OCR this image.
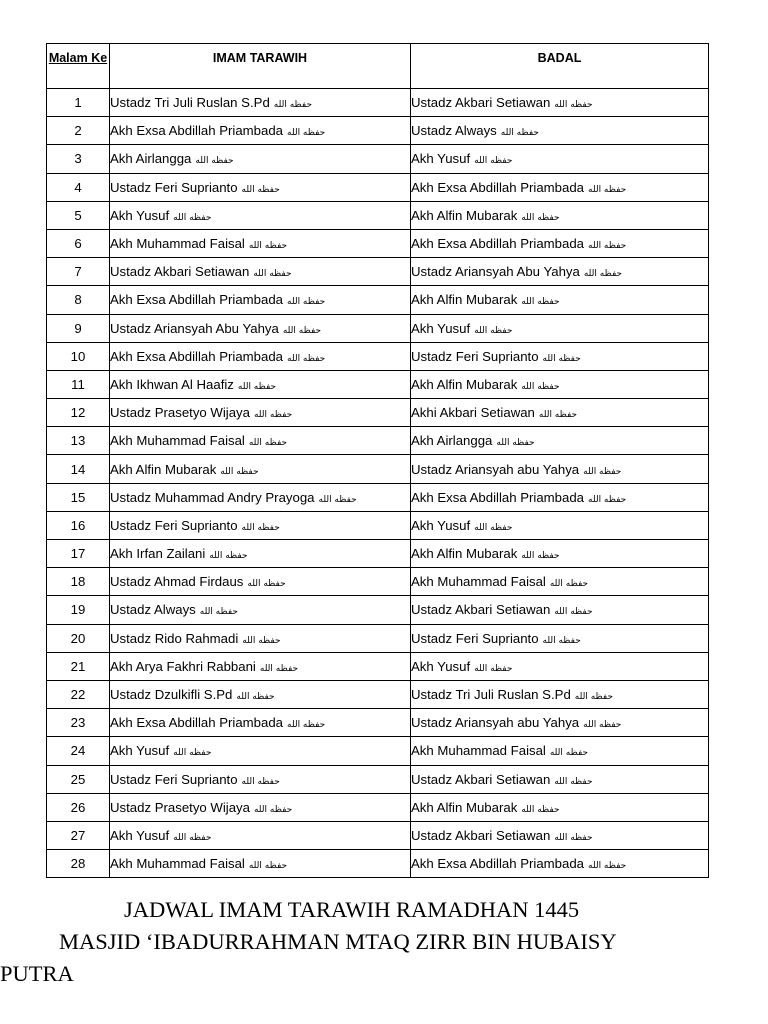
Malam Ke	IMAM TARAWIH	BADAL
1	Ustadz Tri Juli Ruslan S.Pd حفظه الله	Ustadz Akbari Setiawan حفظه الله
2	Akh Exsa Abdillah Priambada حفظه الله	Ustadz Always حفظه الله
3	Akh Airlangga حفظه الله	Akh Yusuf حفظه الله
4	Ustadz Feri Suprianto حفظه الله	Akh Exsa Abdillah Priambada حفظه الله
5	Akh Yusuf حفظه الله	Akh Alfin Mubarak حفظه الله
6	Akh Muhammad Faisal حفظه الله	Akh Exsa Abdillah Priambada حفظه الله
7	Ustadz Akbari Setiawan حفظه الله	Ustadz Ariansyah Abu Yahya حفظه الله
8	Akh Exsa Abdillah Priambada حفظه الله	Akh Alfin Mubarak حفظه الله
9	Ustadz Ariansyah Abu Yahya حفظه الله	Akh Yusuf حفظه الله
10	Akh Exsa Abdillah Priambada حفظه الله	Ustadz Feri Suprianto حفظه الله
11	Akh Ikhwan Al Haafiz حفظه الله	Akh Alfin Mubarak حفظه الله
12	Ustadz Prasetyo Wijaya حفظه الله	Akhi Akbari Setiawan حفظه الله
13	Akh Muhammad Faisal حفظه الله	Akh Airlangga حفظه الله
14	Akh Alfin Mubarak حفظه الله	Ustadz Ariansyah abu Yahya حفظه الله
15	Ustadz Muhammad Andry Prayoga حفظه الله	Akh Exsa Abdillah Priambada حفظه الله
16	Ustadz Feri Suprianto حفظه الله	Akh Yusuf حفظه الله
17	Akh Irfan Zailani حفظه الله	Akh Alfin Mubarak حفظه الله
18	Ustadz Ahmad Firdaus حفظه الله	Akh Muhammad Faisal حفظه الله
19	Ustadz Always حفظه الله	Ustadz Akbari Setiawan حفظه الله
20	Ustadz Rido Rahmadi حفظه الله	Ustadz Feri Suprianto حفظه الله
21	Akh Arya Fakhri Rabbani حفظه الله	Akh Yusuf حفظه الله
22	Ustadz Dzulkifli S.Pd حفظه الله	Ustadz Tri Juli Ruslan S.Pd حفظه الله
23	Akh Exsa Abdillah Priambada حفظه الله	Ustadz Ariansyah abu Yahya حفظه الله
24	Akh Yusuf حفظه الله	Akh Muhammad Faisal حفظه الله
25	Ustadz Feri Suprianto حفظه الله	Ustadz Akbari Setiawan حفظه الله
26	Ustadz Prasetyo Wijaya حفظه الله	Akh Alfin Mubarak حفظه الله
27	Akh Yusuf حفظه الله	Ustadz Akbari Setiawan حفظه الله
28	Akh Muhammad Faisal حفظه الله	Akh Exsa Abdillah Priambada حفظه الله
JADWAL IMAM TARAWIH RAMADHAN 1445
MASJID ‘IBADURRAHMAN MTAQ ZIRR BIN HUBAISY
PUTRA
